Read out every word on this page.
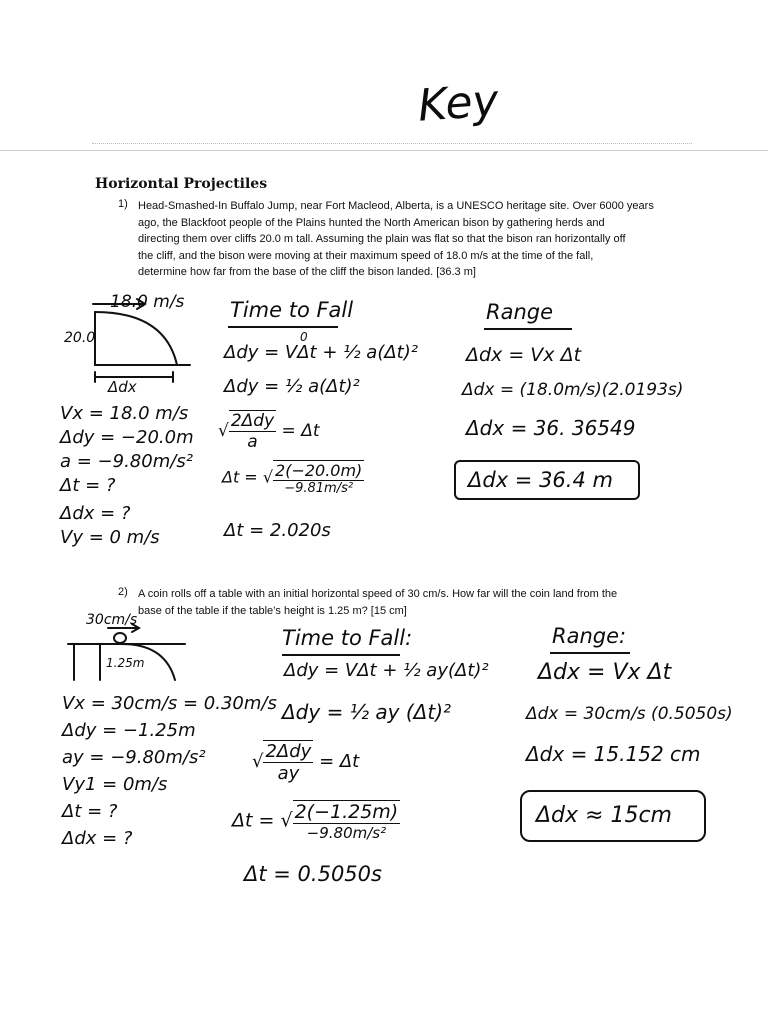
Key
Horizontal Projectiles
1) Head-Smashed-In Buffalo Jump, near Fort Macleod, Alberta, is a UNESCO heritage site. Over 6000 years
ago, the Blackfoot people of the Plains hunted the North American bison by gathering herds and
directing them over cliffs 20.0 m tall. Assuming the plain was flat so that the bison ran horizontally off
the cliff, and the bison were moving at their maximum speed of 18.0 m/s at the time of the fall,
determine how far from the base of the cliff the bison landed. [36.3 m]
18.0 m/s
20.0
Δdx
Vx = 18.0 m/s
Δdy = −20.0m
a = −9.80m/s²
Δt = ?
Δdx = ?
Vy = 0 m/s
Time to Fall
0
Δdy = VΔt + ½ a(Δt)²
Δdy = ½ a(Δt)²
√ $\frac{\text{2Δdy}}{a} = \Delta t$
Δt = √ $\frac{2(-20.0m)}{\text{−9.81m/s²}}$
Δt = 2.020s
Range
Δdx = Vx Δt
Δdx = (18.0m/s)(2.0193s)
Δdx = 36. 36549
Δdx = 36.4 m
2) A coin rolls off a table with an initial horizontal speed of 30 cm/s. How far will the coin land from the
base of the table if the table’s height is 1.25 m? [15 cm]
30cm/s
1.25m
Vx = 30cm/s = 0.30m/s
Δdy = −1.25m
ay = −9.80m/s²
Vy1 = 0m/s
Δt = ?
Δdx = ?
Time to Fall:
Δdy = VΔt + ½ ay(Δt)²
Δdy = ½ ay (Δt)²
√ $\frac{\text{2Δdy}}{ay} = \Delta t$
Δt = √ $\frac{2(-1.25m)}{\text{−9.80m/s²}}$
Δt = 0.5050s
Range:
Δdx = Vx Δt
Δdx = 30cm/s (0.5050s)
Δdx = 15.152 cm
Δdx ≈ 15cm
